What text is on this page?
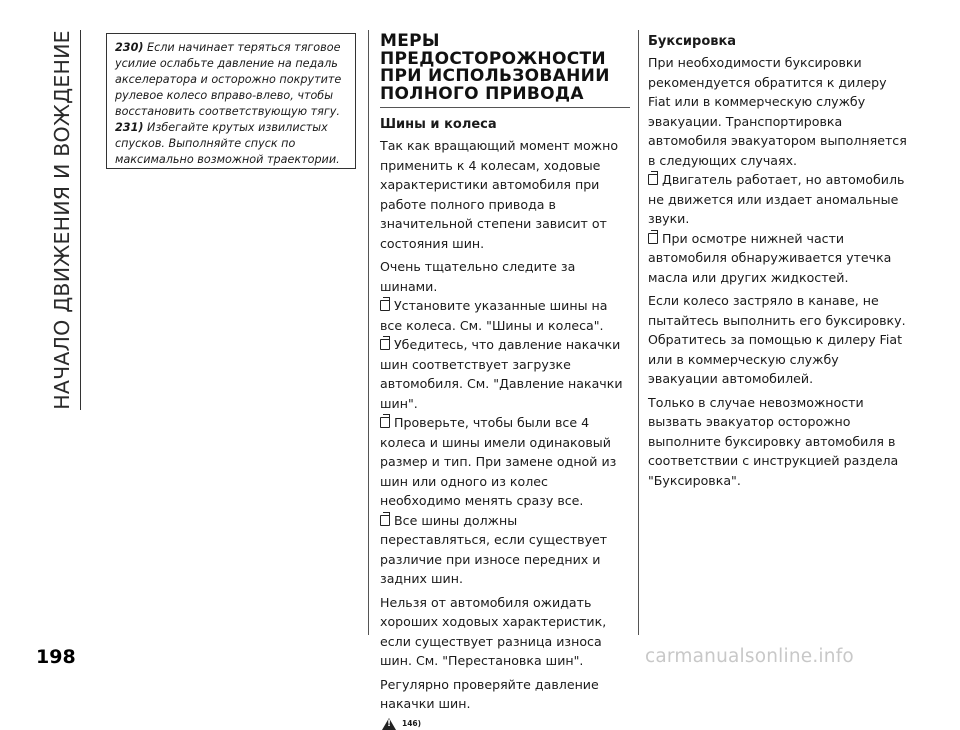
НАЧАЛО ДВИЖЕНИЯ И ВОЖДЕНИЕ
198

230) Если начинает теряться тяговое усилие ослабьте давление на педаль акселератора и осторожно покрутите рулевое колесо вправо-влево, чтобы восстановить соответствующую тягу.

231) Избегайте крутых извилистых спусков. Выполняйте спуск по максимально возможной траектории.

МЕРЫ
ПРЕДОСТОРОЖНОСТИ
ПРИ ИСПОЛЬЗОВАНИИ
ПОЛНОГО ПРИВОДА
Шины и колеса
Так как вращающий момент можно применить к 4 колесам, ходовые характеристики автомобиля при работе полного привода в значительной степени зависит от состояния шин.
Очень тщательно следите за шинами.
Установите указанные шины на все колеса. См. "Шины и колеса".
Убедитесь, что давление накачки шин соответствует загрузке автомобиля. См. "Давление накачки шин".
Проверьте, чтобы были все 4 колеса и шины имели одинаковый размер и тип. При замене одной из шин или одного из колес необходимо менять сразу все.
Все шины должны переставляться, если существует различие при износе передних и задних шин.
Нельзя от автомобиля ожидать хороших ходовых характеристик, если существует разница износа шин. См. "Перестановка шин".
Регулярно проверяйте давление накачки шин.
!
146)
Буксировка
При необходимости буксировки рекомендуется обратится к дилеру Fiat или в коммерческую службу эвакуации. Транспортировка автомобиля эвакуатором выполняется в следующих случаях.
Двигатель работает, но автомобиль не движется или издает аномальные звуки.
При осмотре нижней части автомобиля обнаруживается утечка масла или других жидкостей.
Если колесо застряло в канаве, не пытайтесь выполнить его буксировку. Обратитесь за помощью к дилеру Fiat или в коммерческую службу эвакуации автомобилей.
Только в случае невозможности вызвать эвакуатор осторожно выполните буксировку автомобиля в соответствии с инструкцией раздела "Буксировка".
carmanualsonline.info
